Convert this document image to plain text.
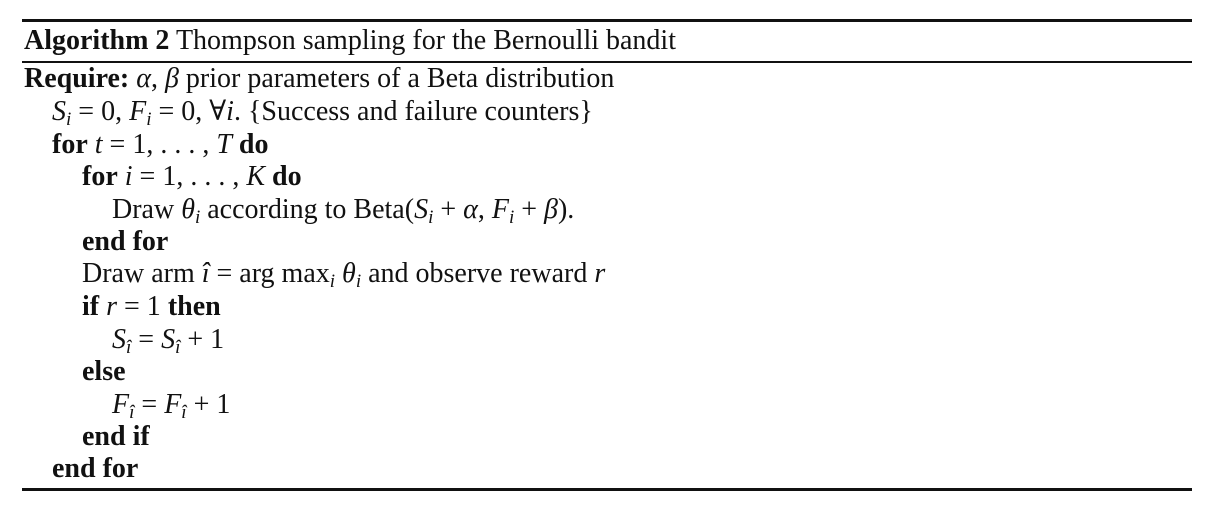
Algorithm 2 Thompson sampling for the Bernoulli bandit
Require: α, β prior parameters of a Beta distribution
$S_i = 0$, $F_i = 0$, ∀i. {Success and failure counters}
for t = 1, . . . , T do
for i = 1, . . . , K do
Draw $\theta_i$ according to $Beta(S_i + \alpha$, $F_i + \beta$).
end for
Draw arm î = arg $\max_i \theta_i$ and observe reward r
if r = 1 then
$S_î = S_î + 1$
else
$F_î = F_î + 1$
end if
end for
